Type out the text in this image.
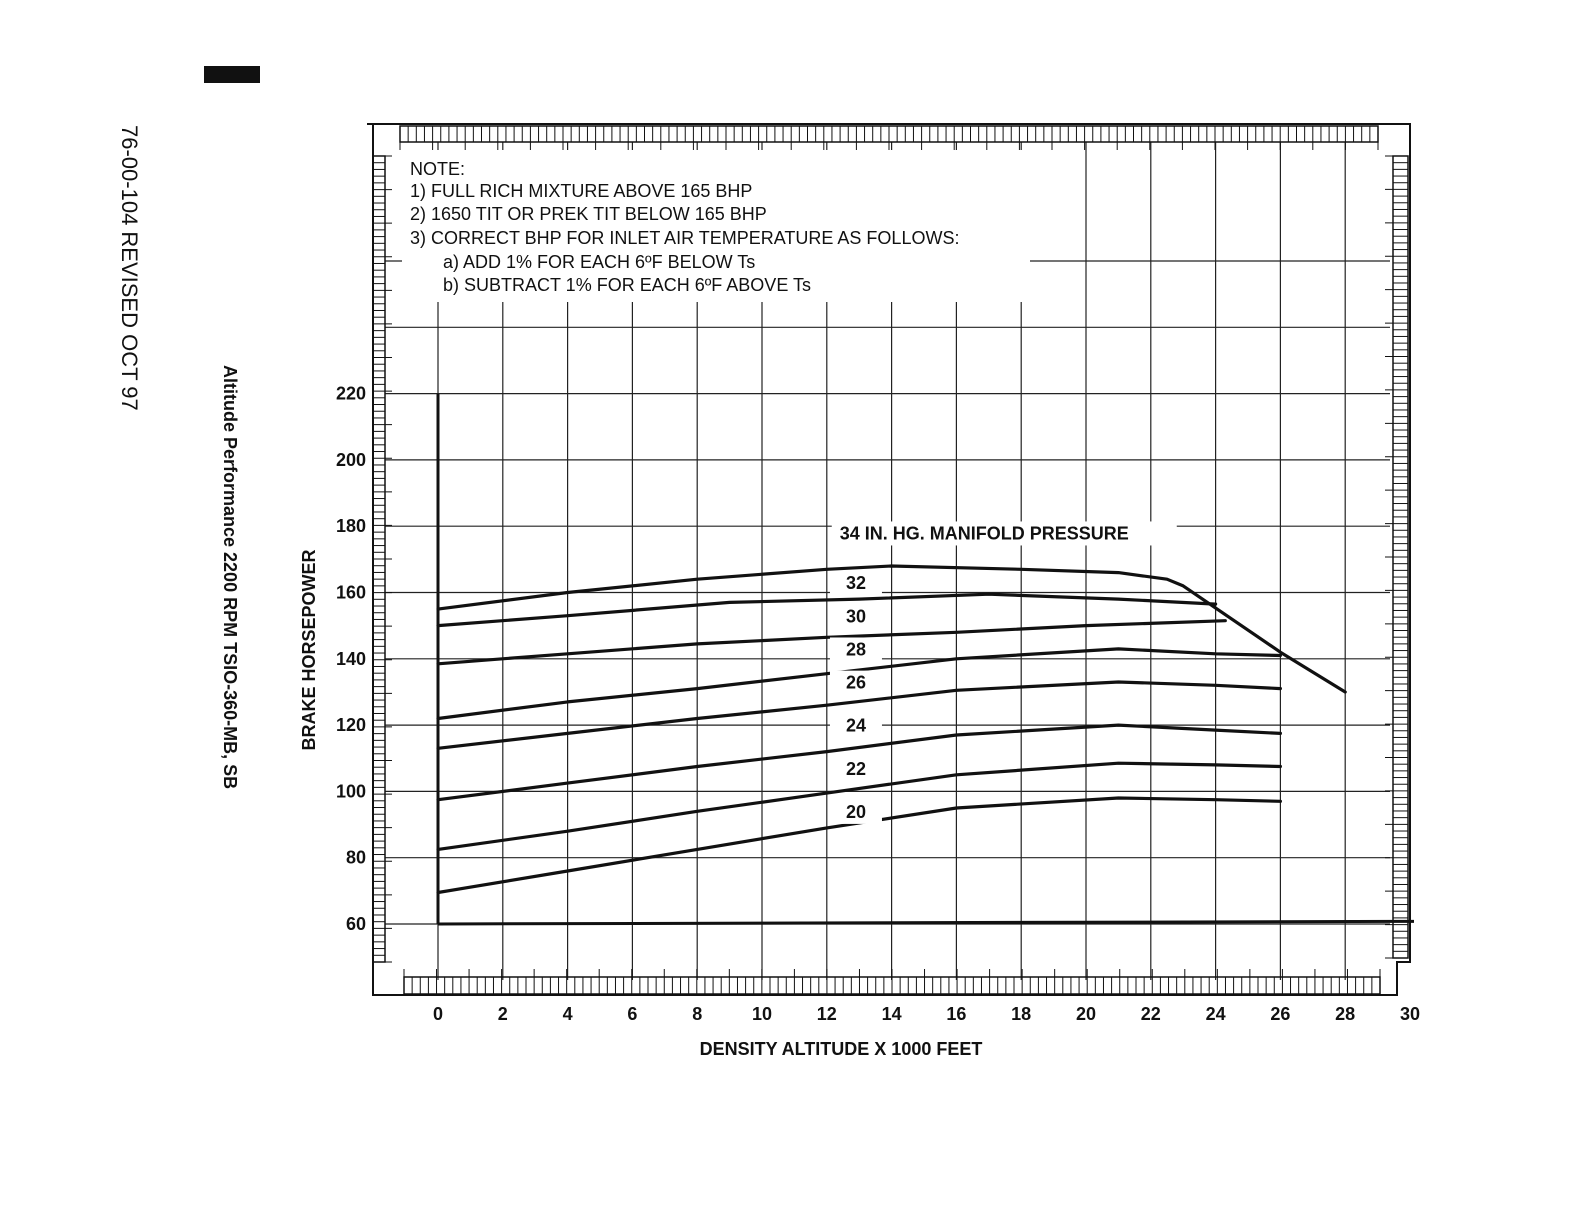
76-00-104 REVISED OCT 97
Altitude Performance 2200 RPM TSIO-360-MB, SB
0	2	4	6	8	10 12 14 16 18 20 22 24 26 28 30
60
80
100
120
140
160
180
200
220
NOTE:
1) FULL RICH MIXTURE ABOVE 165 BHP
2) 1650 TIT OR PREK TIT BELOW 165 BHP
3) CORRECT BHP FOR INLET AIR TEMPERATURE AS FOLLOWS:
a) ADD 1% FOR EACH 6ºF BELOW Ts
b) SUBTRACT 1% FOR EACH 6ºF ABOVE Ts
34 IN. HG. MANIFOLD PRESSURE
32
30
28
26
24
22
20
DENSITY ALTITUDE X 1000 FEET
BRAKE HORSEPOWER
